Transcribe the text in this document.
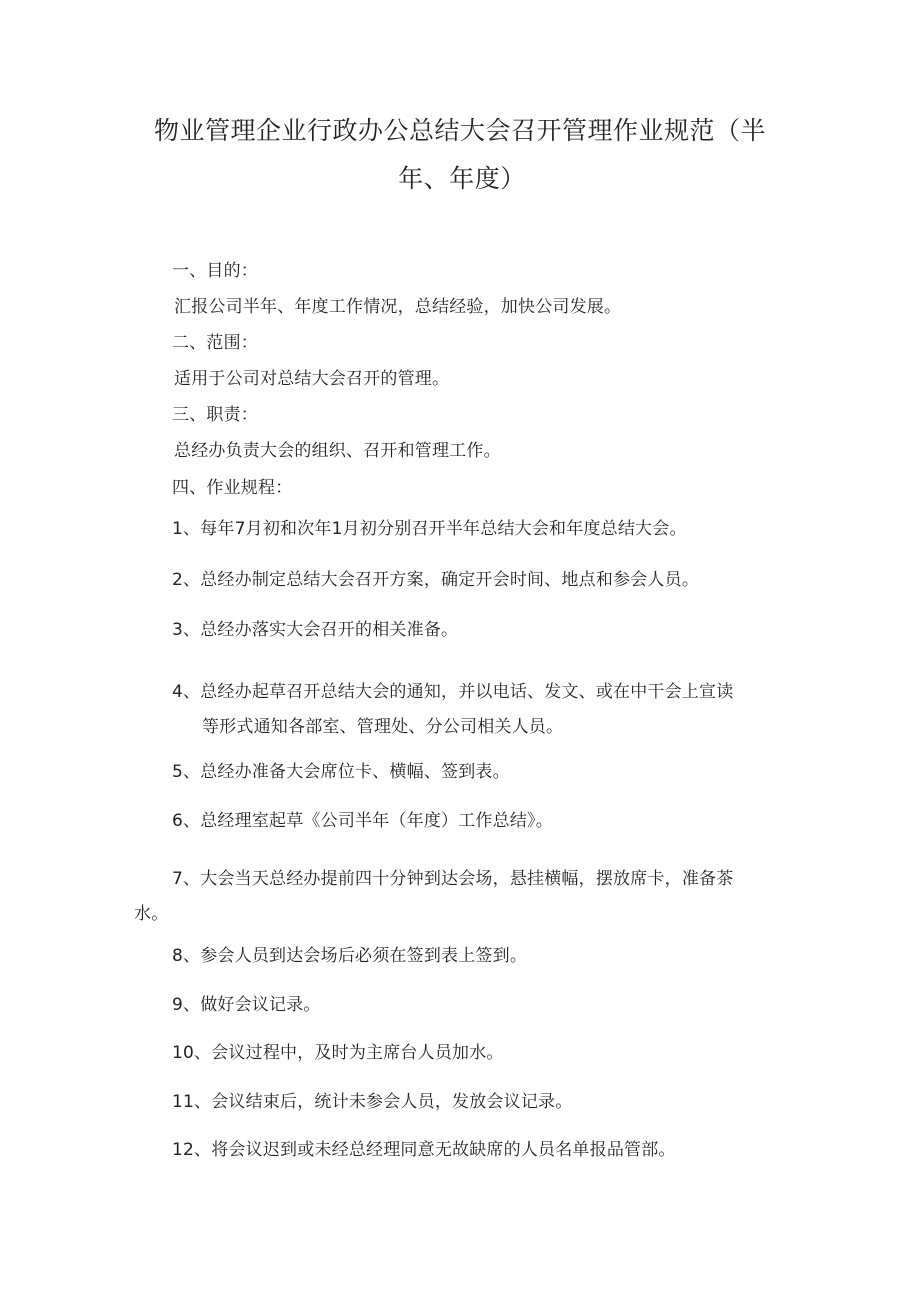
物业管理企业行政办公总结大会召开管理作业规范（半
年、年度）
一、目的：
汇报公司半年、年度工作情况，总结经验，加快公司发展。
二、范围：
适用于公司对总结大会召开的管理。
三、职责：
总经办负责大会的组织、召开和管理工作。
四、作业规程：
1、每年7月初和次年1月初分别召开半年总结大会和年度总结大会。
2、总经办制定总结大会召开方案，确定开会时间、地点和参会人员。
3、总经办落实大会召开的相关准备。
4、总经办起草召开总结大会的通知，并以电话、发文、或在中干会上宣读
等形式通知各部室、管理处、分公司相关人员。
5、总经办准备大会席位卡、横幅、签到表。
6、总经理室起草《公司半年（年度）工作总结》。
7、大会当天总经办提前四十分钟到达会场，悬挂横幅，摆放席卡，准备茶
水。
8、参会人员到达会场后必须在签到表上签到。
9、做好会议记录。
10、会议过程中，及时为主席台人员加水。
11、会议结束后，统计未参会人员，发放会议记录。
12、将会议迟到或未经总经理同意无故缺席的人员名单报品管部。
